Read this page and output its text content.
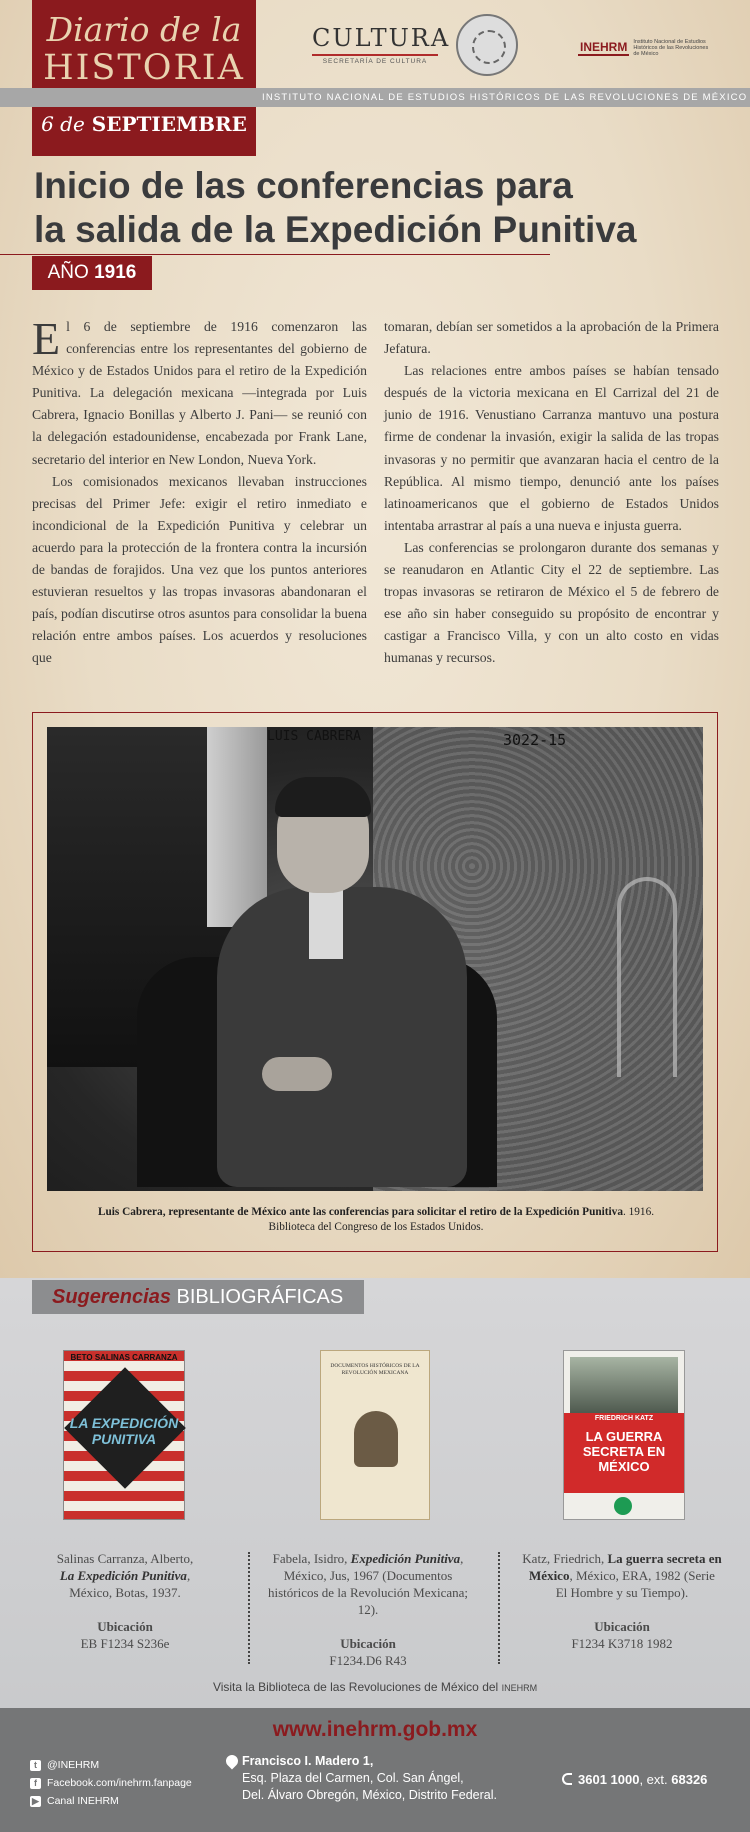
Diario de la
HISTORIA
6 de SEPTIEMBRE
CULTURA
SECRETARÍA DE CULTURA
INEHRM	Instituto Nacional de Estudios Históricos de las Revoluciones de México
INSTITUTO NACIONAL DE ESTUDIOS HISTÓRICOS DE LAS REVOLUCIONES DE MÉXICO
Inicio de las conferencias para
la salida de la Expedición Punitiva
AÑO 1916

El 6 de septiembre de 1916 comenzaron las conferencias entre los representantes del gobierno de México y de Estados Unidos para el retiro de la Expedición Punitiva. La delegación mexicana —integrada por Luis Cabrera, Ignacio Bonillas y Alberto J. Pani— se reunió con la delegación estadounidense, encabezada por Frank Lane, secretario del interior en New London, Nueva York.

Los comisionados mexicanos llevaban instrucciones precisas del Primer Jefe: exigir el retiro inmediato e incondicional de la Expedición Punitiva y celebrar un acuerdo para la protección de la frontera contra la incursión de bandas de forajidos. Una vez que los puntos anteriores estuvieran resueltos y las tropas invasoras abandonaran el país, podían discutirse otros asuntos para consolidar la buena relación entre ambos países. Los acuerdos y resoluciones que

tomaran, debían ser sometidos a la aprobación de la Primera Jefatura.

Las relaciones entre ambos países se habían tensado después de la victoria mexicana en El Carrizal del 21 de junio de 1916. Venustiano Carranza mantuvo una postura firme de condenar la invasión, exigir la salida de las tropas invasoras y no permitir que avanzaran hacia el centro de la República. Al mismo tiempo, denunció ante los países latinoamericanos que el gobierno de Estados Unidos intentaba arrastrar al país a una nueva e injusta guerra.

Las conferencias se prolongaron durante dos semanas y se reanudaron en Atlantic City el 22 de septiembre. Las tropas invasoras se retiraron de México el 5 de febrero de ese año sin haber conseguido su propósito de encontrar y castigar a Francisco Villa, y con un alto costo en vidas humanas y recursos.

LUIS CABRERA	3022-15
Luis Cabrera, representante de México ante las conferencias para solicitar el retiro de la Expedición Punitiva. 1916.
Biblioteca del Congreso de los Estados Unidos.
Sugerencias BIBLIOGRÁFICAS
BETO SALINAS CARRANZA
LA EXPEDICIÓN PUNITIVA
DOCUMENTOS HISTÓRICOS DE LA REVOLUCIÓN MEXICANA
FRIEDRICH KATZ
LA GUERRA SECRETA EN MÉXICO
Salinas Carranza, Alberto,
La Expedición Punitiva,
México, Botas, 1937.
Ubicación
EB F1234 S236e
Fabela, Isidro, Expedición Punitiva, México, Jus, 1967 (Documentos históricos de la Revolución Mexicana; 12).
Ubicación
F1234.D6 R43
Katz, Friedrich, La guerra secreta en México, México, ERA, 1982 (Serie El Hombre y su Tiempo).
Ubicación
F1234 K3718 1982
Visita la Biblioteca de las Revoluciones de México del INEHRM
www.inehrm.gob.mx
t @INEHRM
f Facebook.com/inehrm.fanpage
▶ Canal INEHRM
Francisco I. Madero 1,
Esq. Plaza del Carmen, Col. San Ángel,
Del. Álvaro Obregón, México, Distrito Federal.
3601 1000, ext. 68326
